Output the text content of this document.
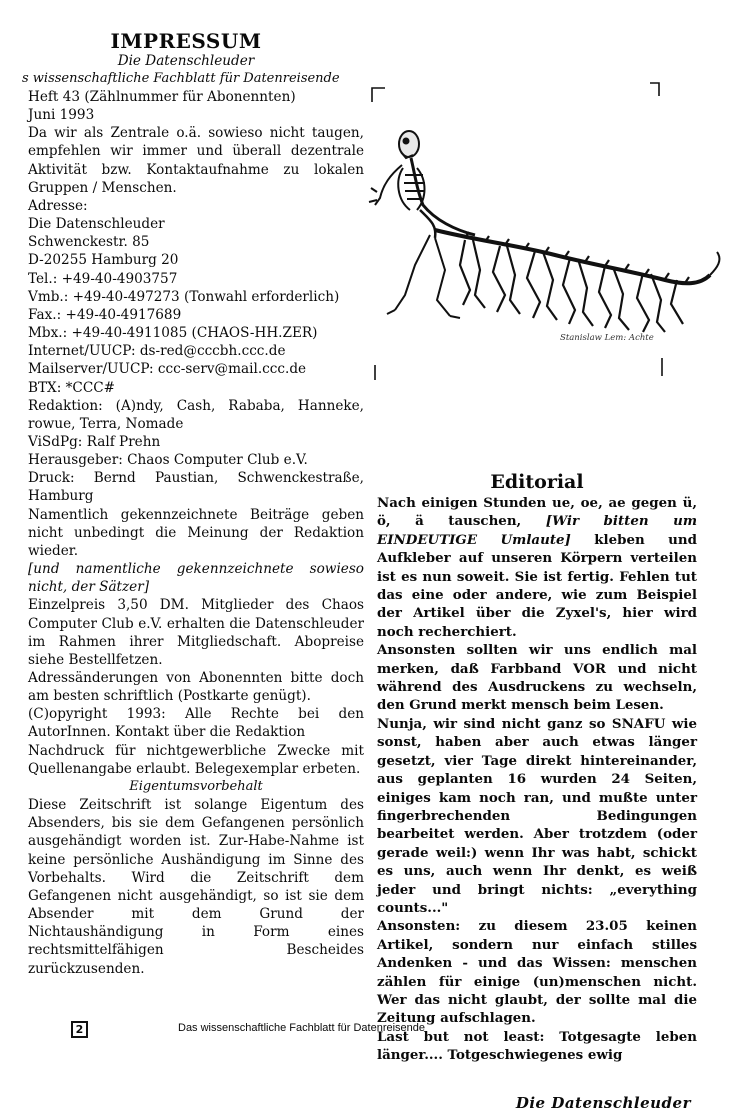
IMPRESSUM
Die Datenschleuder
s wissenschaftliche Fachblatt für Datenreisende

Heft 43 (Zählnummer für Abonennten)

Juni 1993

Da wir als Zentrale o.ä. sowieso nicht taugen, empfehlen wir immer und überall dezentrale Aktivität bzw. Kontaktaufnahme zu lokalen Gruppen / Menschen.

Adresse:

Die Datenschleuder

Schwenckestr. 85

D-20255 Hamburg 20

Tel.: +49-40-4903757

Vmb.: +49-40-497273 (Tonwahl erforderlich)

Fax.: +49-40-4917689

Mbx.: +49-40-4911085 (CHAOS-HH.ZER)

Internet/UUCP: ds-red@cccbh.ccc.de

Mailserver/UUCP: ccc-serv@mail.ccc.de

BTX: *CCC#

Redaktion: (A)ndy, Cash, Rababa, Hanneke, rowue, Terra, Nomade

ViSdPg: Ralf Prehn

Herausgeber: Chaos Computer Club e.V.

Druck: Bernd Paustian, Schwenckestraße, Hamburg

Namentlich gekennzeichnete Beiträge geben nicht unbedingt die Meinung der Redaktion wieder.

[und namentliche gekennzeichnete sowieso nicht, der Sätzer]

Einzelpreis 3,50 DM. Mitglieder des Chaos Computer Club e.V. erhalten die Datenschleuder im Rahmen ihrer Mitgliedschaft. Abopreise siehe Bestellfetzen.

Adressänderungen von Abonennten bitte doch am besten schriftlich (Postkarte genügt).

(C)opyright 1993: Alle Rechte bei den AutorInnen. Kontakt über die Redaktion

Nachdruck für nichtgewerbliche Zwecke mit Quellenangabe erlaubt. Belegexemplar erbeten.

Eigentumsvorbehalt

Diese Zeitschrift ist solange Eigentum des Absenders, bis sie dem Gefangenen persönlich ausgehändigt worden ist. Zur-Habe-Nahme ist keine persönliche Aushändigung im Sinne des Vorbehalts. Wird die Zeitschrift dem Gefangenen nicht ausgehändigt, so ist sie dem Absender mit dem Grund der Nichtaushändigung in Form eines rechtsmittelfähigen Bescheides zurückzusenden.

Stanislaw Lem: Achte
Editorial

Nach einigen Stunden ue, oe, ae gegen ü, ö, ä tauschen, [Wir bitten um EINDEUTIGE Umlaute] kleben und Aufkleber auf unseren Körpern verteilen ist es nun soweit. Sie ist fertig. Fehlen tut das eine oder andere, wie zum Beispiel der Artikel über die Zyxel's, hier wird noch recherchiert.

Ansonsten sollten wir uns endlich mal merken, daß Farbband VOR und nicht während des Ausdruckens zu wechseln, den Grund merkt mensch beim Lesen.

Nunja, wir sind nicht ganz so SNAFU wie sonst, haben aber auch etwas länger gesetzt, vier Tage direkt hintereinander, aus geplanten 16 wurden 24 Seiten, einiges kam noch ran, und mußte unter fingerbrechenden Bedingungen bearbeitet werden. Aber trotzdem (oder gerade weil:) wenn Ihr was habt, schickt es uns, auch wenn Ihr denkt, es weiß jeder und bringt nichts: „everything counts..."

Ansonsten: zu diesem 23.05 keinen Artikel, sondern nur einfach stilles Andenken - und das Wissen: menschen zählen für einige (un)menschen nicht. Wer das nicht glaubt, der sollte mal die Zeitung aufschlagen.

Last but not least: Totgesagte leben länger.... Totgeschwiegenes ewig

Die Datenschleuder
2	Das wissenschaftliche Fachblatt für Datenreisende
